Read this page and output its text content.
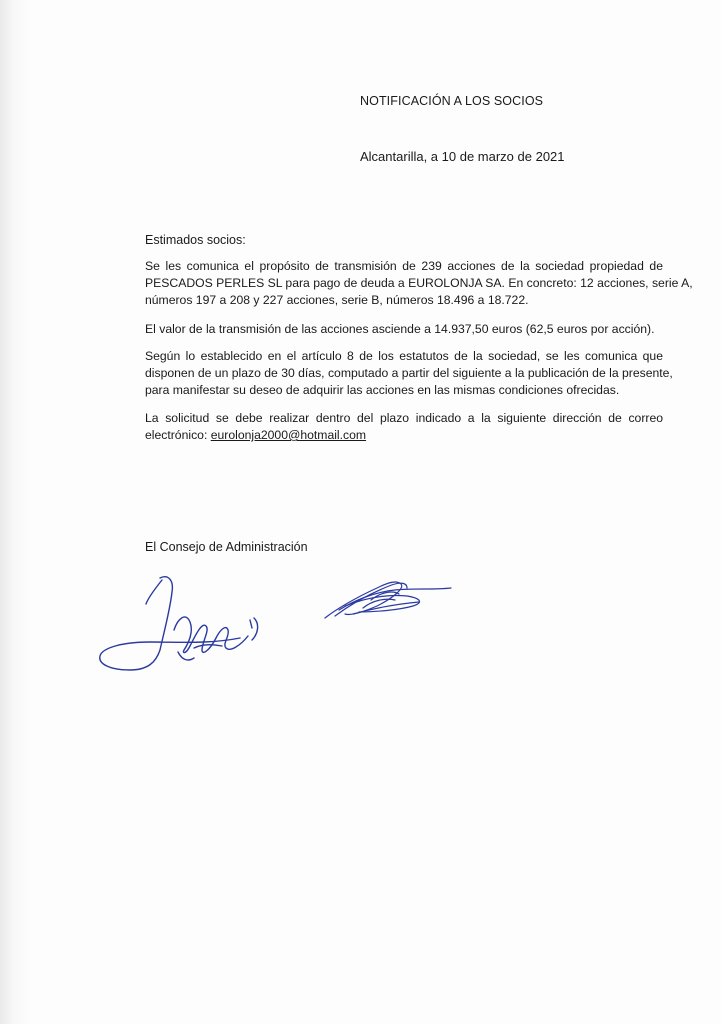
NOTIFICACIÓN A LOS SOCIOS
Alcantarilla, a 10 de marzo de 2021
Estimados socios:

Se les comunica el propósito de transmisión de 239 acciones de la sociedad propiedad de
PESCADOS PERLES SL para pago de deuda a EUROLONJA SA. En concreto: 12 acciones, serie A,
números 197 a 208 y 227 acciones, serie B, números 18.496 a 18.722.

El valor de la transmisión de las acciones asciende a 14.937,50 euros (62,5 euros por acción).

Según lo establecido en el artículo 8 de los estatutos de la sociedad, se les comunica que
disponen de un plazo de 30 días, computado a partir del siguiente a la publicación de la presente,
para manifestar su deseo de adquirir las acciones en las mismas condiciones ofrecidas.

La solicitud se debe realizar dentro del plazo indicado a la siguiente dirección de correo
electrónico: eurolonja2000@hotmail.com

El Consejo de Administración
